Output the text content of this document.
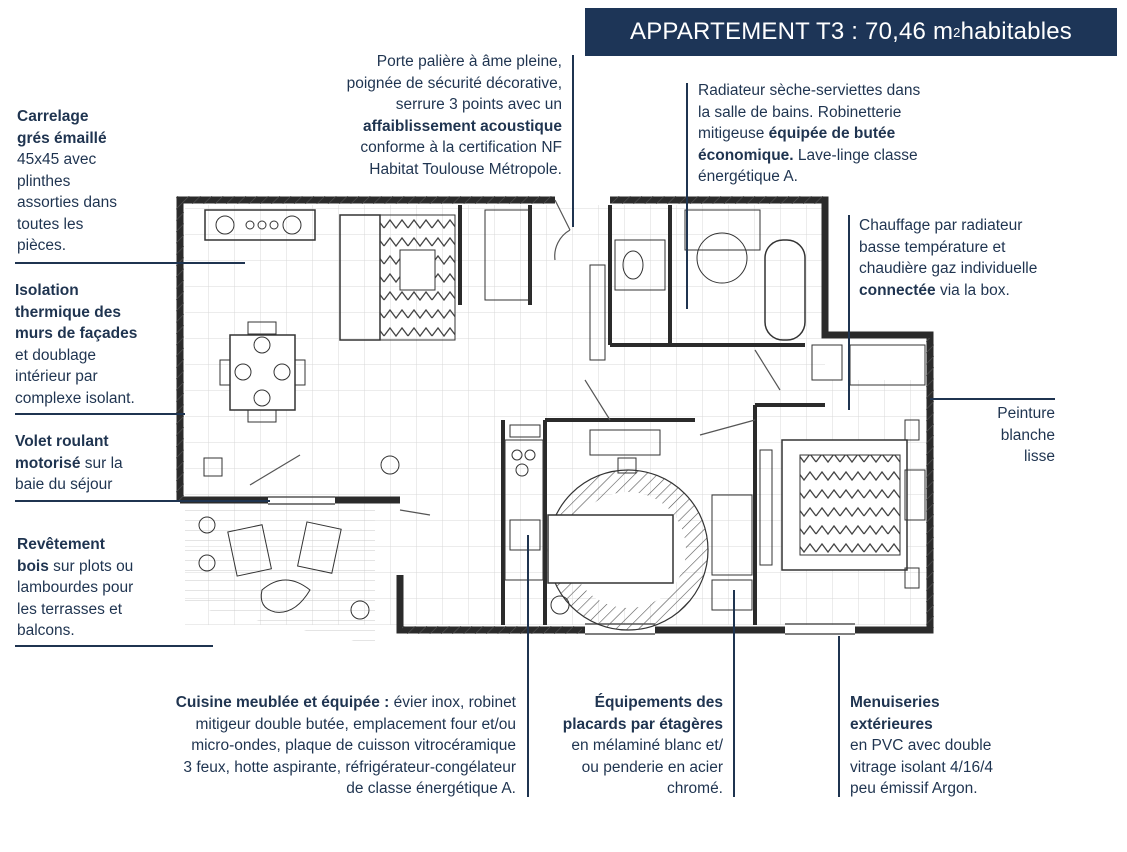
APPARTEMENT T3 : 70,46 m 2 habitables
Carrelage
grés émaillé
45x45 avec
plinthes
assorties dans
toutes les
pièces.
Isolation
thermique des
murs de façades
et doublage
intérieur par
complexe isolant.
Volet roulant
motorisé sur la
baie du séjour
Revêtement
bois sur plots ou
lambourdes pour
les terrasses et
balcons.
Porte palière à âme pleine,
poignée de sécurité décorative,
serrure 3 points avec un
affaiblissement acoustique
conforme à la certification NF
Habitat Toulouse Métropole.
Radiateur sèche-serviettes dans
la salle de bains. Robinetterie
mitigeuse équipée de butée
économique. Lave-linge classe
énergétique A.
Chauffage par radiateur
basse température et
chaudière gaz individuelle
connectée via la box.
Peinture
blanche
lisse
Cuisine meublée et équipée : évier inox, robinet
mitigeur double butée, emplacement four et/ou
micro-ondes, plaque de cuisson vitrocéramique
3 feux, hotte aspirante, réfrigérateur-congélateur
de classe énergétique A.
Équipements des
placards par étagères
en mélaminé blanc et/
ou penderie en acier
chromé.
Menuiseries
extérieures
en PVC avec double
vitrage isolant 4/16/4
peu émissif Argon.
